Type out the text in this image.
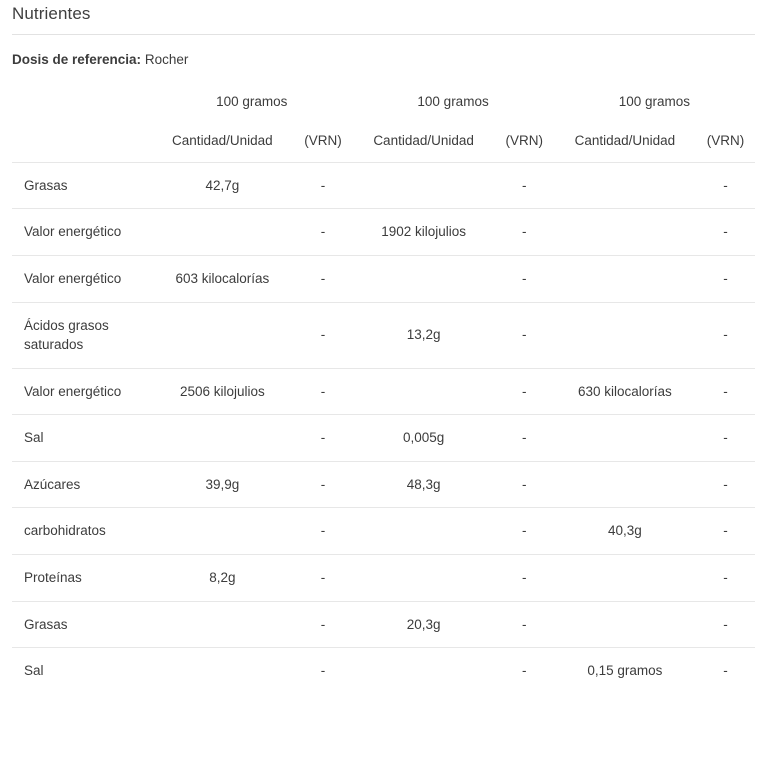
Nutrientes
Dosis de referencia: Rocher
	100 gramos		100 gramos		100 gramos	
	Cantidad/Unidad	(VRN)	Cantidad/Unidad	(VRN)	Cantidad/Unidad	(VRN)
Grasas	42,7g	-		-		-
Valor energético		-	1902 kilojulios	-		-
Valor energético	603 kilocalorías	-		-		-
Ácidos grasos saturados		-	13,2g	-		-
Valor energético	2506 kilojulios	-		-	630 kilocalorías	-
Sal		-	0,005g	-		-
Azúcares	39,9g	-	48,3g	-		-
carbohidratos		-		-	40,3g	-
Proteínas	8,2g	-		-		-
Grasas		-	20,3g	-		-
Sal		-		-	0,15 gramos	-
